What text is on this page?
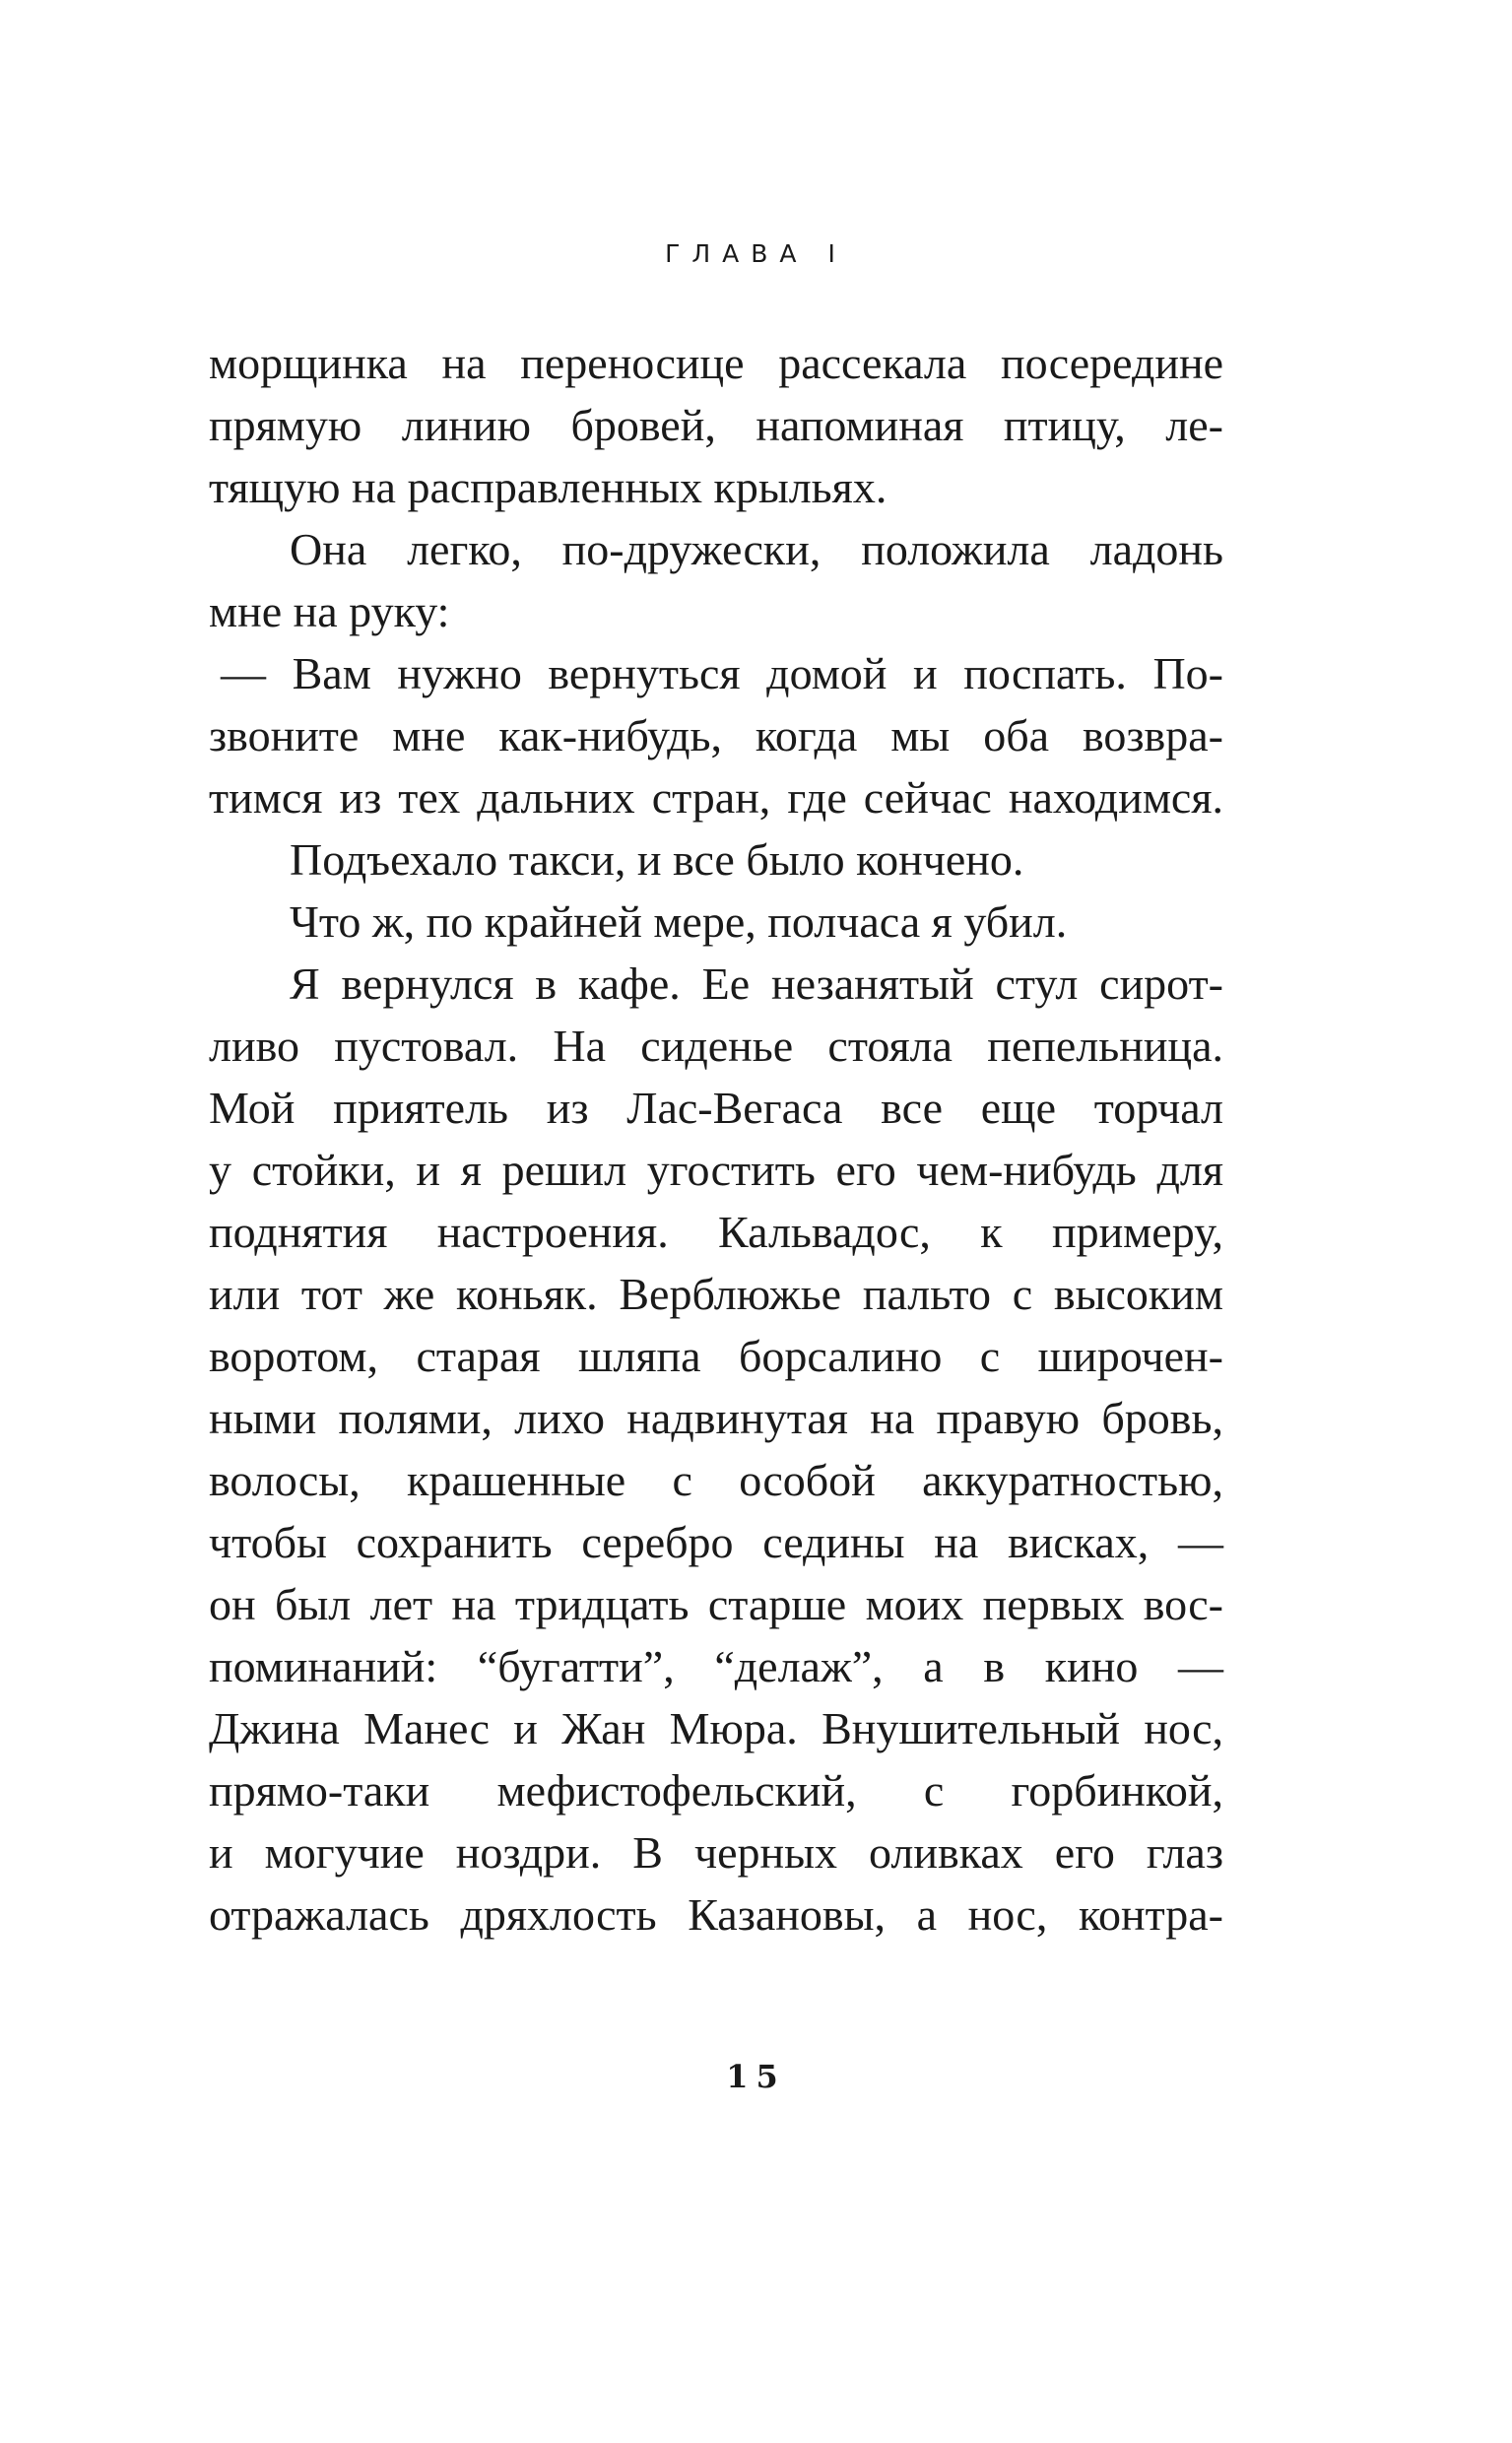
ГЛАВА I
морщинка на переносице рассекала посередине
прямую линию бровей, напоминая птицу, ле-
тящую на расправленных крыльях.
Она легко, по-дружески, положила ладонь
мне на руку:
— Вам нужно вернуться домой и поспать. По-
звоните мне как-нибудь, когда мы оба возвра-
тимся из тех дальних стран, где сейчас находимся.
Подъехало такси, и все было кончено.
Что ж, по крайней мере, полчаса я убил.
Я вернулся в кафе. Ее незанятый стул сирот-
ливо пустовал. На сиденье стояла пепельница.
Мой приятель из Лас-Вегаса все еще торчал
у стойки, и я решил угостить его чем-нибудь для
поднятия настроения. Кальвадос, к примеру,
или тот же коньяк. Верблюжье пальто с высоким
воротом, старая шляпа борсалино с широчен-
ными полями, лихо надвинутая на правую бровь,
волосы, крашенные с особой аккуратностью,
чтобы сохранить серебро седины на висках, —
он был лет на тридцать старше моих первых вос-
поминаний: “бугатти”, “делаж”, а в кино —
Джина Манес и Жан Мюра. Внушительный нос,
прямо-таки мефистофельский, с горбинкой,
и могучие ноздри. В черных оливках его глаз
отражалась дряхлость Казановы, а нос, контра-
15
